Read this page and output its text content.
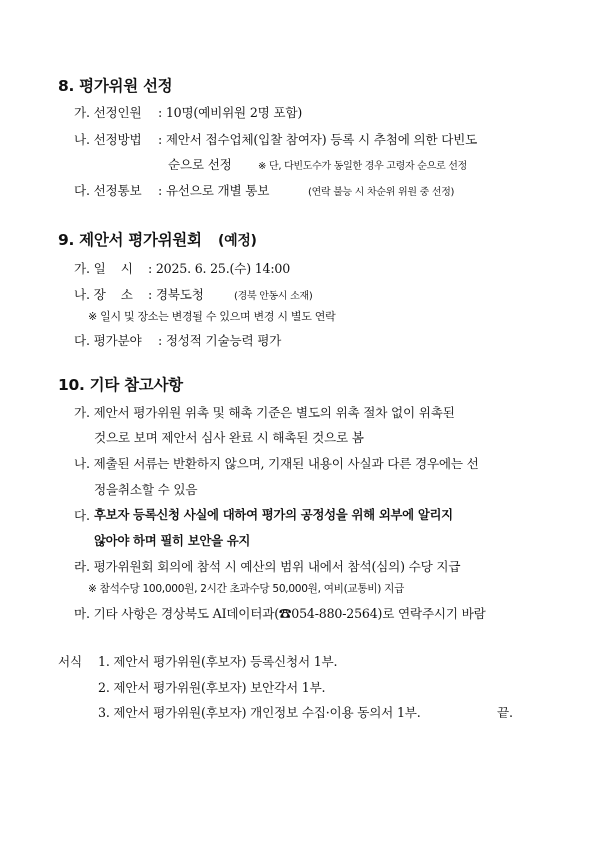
8. 평가위원 선정
가. 선정인원 : 10명(예비위원 2명 포함)
나. 선정방법 : 제안서 접수업체(입찰 참여자) 등록 시 추첨에 의한 다빈도
순으로 선정	※ 단, 다빈도수가 동일한 경우 고령자 순으로 선정
다. 선정통보 : 유선으로 개별 통보	(연락 불능 시 차순위 위원 중 선정)
9. 제안서 평가위원회 (예정)
가. 일    시 : 2025. 6. 25.(수) 14:00
나. 장    소 : 경북도청	(경북 안동시 소재)
※ 일시 및 장소는 변경될 수 있으며 변경 시 별도 연락
다. 평가분야 : 정성적 기술능력 평가
10. 기타 참고사항
가. 제안서 평가위원 위촉 및 해촉 기준은 별도의 위촉 절차 없이 위촉된
것으로 보며 제안서 심사 완료 시 해촉된 것으로 봄
나. 제출된 서류는 반환하지 않으며, 기재된 내용이 사실과 다른 경우에는 선
정을취소할 수 있음
다. 후보자 등록신청 사실에 대하여 평가의 공정성을 위해 외부에 알리지
않아야 하며 필히 보안을 유지
라. 평가위원회 회의에 참석 시 예산의 범위 내에서 참석(심의) 수당 지급
※ 참석수당 100,000원, 2시간 초과수당 50,000원, 여비(교통비) 지급
마. 기타 사항은 경상북도 AI데이터과(☎054-880-2564)로 연락주시기 바람
서식 1. 제안서 평가위원(후보자) 등록신청서 1부.
2. 제안서 평가위원(후보자) 보안각서 1부.
3. 제안서 평가위원(후보자) 개인정보 수집·이용 동의서 1부.	끝.
